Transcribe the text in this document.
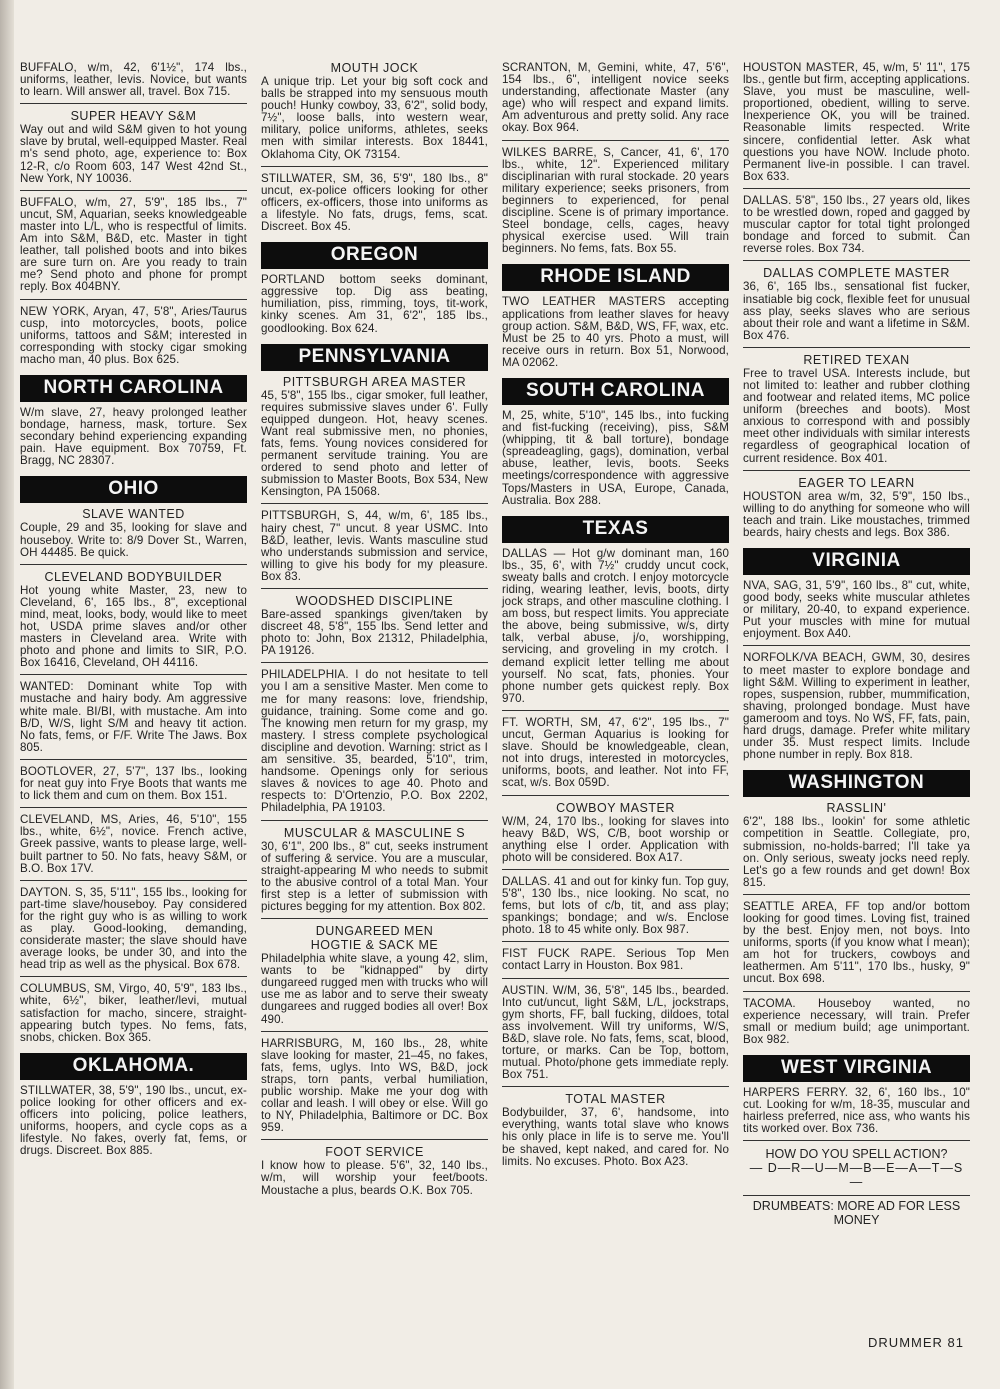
BUFFALO, w/m, 42, 6'1½", 174 lbs., uniforms, leather, levis. Novice, but wants to learn. Will answer all, travel. Box 715.
SUPER HEAVY S&M
Way out and wild S&M given to hot young slave by brutal, well-equipped Master. Real m's send photo, age, experience to: Box 12-R, c/o Room 603, 147 West 42nd St., New York, NY 10036.
BUFFALO, w/m, 27, 5'9", 185 lbs., 7" uncut, SM, Aquarian, seeks knowledgeable master into L/L, who is respectful of limits. Am into S&M, B&D, etc. Master in tight leather, tall polished boots and into bikes are sure turn on. Are you ready to train me? Send photo and phone for prompt reply. Box 404BNY.
NEW YORK, Aryan, 47, 5'8", Aries/Taurus cusp, into motorcycles, boots, police uniforms, tattoos and S&M; interested in corresponding with stocky cigar smoking macho man, 40 plus. Box 625.
NORTH CAROLINA
W/m slave, 27, heavy prolonged leather bondage, harness, mask, torture. Sex secondary behind experiencing expanding pain. Have equipment. Box 70759, Ft. Bragg, NC 28307.
OHIO
SLAVE WANTED
Couple, 29 and 35, looking for slave and houseboy. Write to: 8/9 Dover St., Warren, OH 44485. Be quick.
CLEVELAND BODYBUILDER
Hot young white Master, 23, new to Cleveland, 6', 165 lbs., 8", exceptional mind, meat, looks, body, would like to meet hot, USDA prime slaves and/or other masters in Cleveland area. Write with photo and phone and limits to SIR, P.O. Box 16416, Cleveland, OH 44116.
WANTED: Dominant white Top with mustache and hairy body. Am aggressive white male. BI/BI, with mustache. Am into B/D, W/S, light S/M and heavy tit action. No fats, fems, or F/F. Write The Jaws. Box 805.
BOOTLOVER, 27, 5'7", 137 lbs., looking for neat guy into Frye Boots that wants me to lick them and cum on them. Box 151.
CLEVELAND, MS, Aries, 46, 5'10", 155 lbs., white, 6½", novice. French active, Greek passive, wants to please large, well-built partner to 50. No fats, heavy S&M, or B.O. Box 17V.
DAYTON. S, 35, 5'11", 155 lbs., looking for part-time slave/houseboy. Pay considered for the right guy who is as willing to work as play. Good-looking, demanding, considerate master; the slave should have average looks, be under 30, and into the head trip as well as the physical. Box 678.
COLUMBUS, SM, Virgo, 40, 5'9", 183 lbs., white, 6½", biker, leather/levi, mutual satisfaction for macho, sincere, straight-appearing butch types. No fems, fats, snobs, chicken. Box 365.
OKLAHOMA.
STILLWATER, 38, 5'9", 190 lbs., uncut, ex-police looking for other officers and ex-officers into policing, police leathers, uniforms, hoopers, and cycle cops as a lifestyle. No fakes, overly fat, fems, or drugs. Discreet. Box 885.
MOUTH JOCK
A unique trip. Let your big soft cock and balls be strapped into my sensuous mouth pouch! Hunky cowboy, 33, 6'2", solid body, 7½", loose balls, into western wear, military, police uniforms, athletes, seeks men with similar interests. Box 18441, Oklahoma City, OK 73154.
STILLWATER, SM, 36, 5'9", 180 lbs., 8" uncut, ex-police officers looking for other officers, ex-officers, those into uniforms as a lifestyle. No fats, drugs, fems, scat. Discreet. Box 45.
OREGON
PORTLAND bottom seeks dominant, aggressive top. Dig ass beating, humiliation, piss, rimming, toys, tit-work, kinky scenes. Am 31, 6'2", 185 lbs., goodlooking. Box 624.
PENNSYLVANIA
PITTSBURGH AREA MASTER
45, 5'8", 155 lbs., cigar smoker, full leather, requires submissive slaves under 6'. Fully equipped dungeon. Hot, heavy scenes. Want real submissive men, no phonies, fats, fems. Young novices considered for permanent servitude training. You are ordered to send photo and letter of submission to Master Boots, Box 534, New Kensington, PA 15068.
PITTSBURGH, S, 44, w/m, 6', 185 lbs., hairy chest, 7" uncut. 8 year USMC. Into B&D, leather, levis. Wants masculine stud who understands submission and service, willing to give his body for my pleasure. Box 83.
WOODSHED DISCIPLINE
Bare-assed spankings given/taken by discreet 48, 5'8", 155 lbs. Send letter and photo to: John, Box 21312, Philadelphia, PA 19126.
PHILADELPHIA. I do not hesitate to tell you I am a sensitive Master. Men come to me for many reasons: love, friendship, guidance, training. Some come and go. The knowing men return for my grasp, my mastery. I stress complete psychological discipline and devotion. Warning: strict as I am sensitive. 35, bearded, 5'10", trim, handsome. Openings only for serious slaves & novices to age 40. Photo and respects to: D'Ortenzio, P.O. Box 2202, Philadelphia, PA 19103.
MUSCULAR & MASCULINE S
30, 6'1", 200 lbs., 8" cut, seeks instrument of suffering & service. You are a muscular, straight-appearing M who needs to submit to the abusive control of a total Man. Your first step is a letter of submission with pictures begging for my attention. Box 802.
DUNGAREED MEN
HOGTIE & SACK ME
Philadelphia white slave, a young 42, slim, wants to be "kidnapped" by dirty dungareed rugged men with trucks who will use me as labor and to serve their sweaty dungarees and rugged bodies all over! Box 490.
HARRISBURG, M, 160 lbs., 28, white slave looking for master, 21–45, no fakes, fats, fems, uglys. Into WS, B&D, jock straps, torn pants, verbal humiliation, public worship. Make me your dog with collar and leash. I will obey or else. Will go to NY, Philadelphia, Baltimore or DC. Box 959.
FOOT SERVICE
I know how to please. 5'6", 32, 140 lbs., w/m, will worship your feet/boots. Moustache a plus, beards O.K. Box 705.
SCRANTON, M, Gemini, white, 47, 5'6", 154 lbs., 6", intelligent novice seeks understanding, affectionate Master (any age) who will respect and expand limits. Am adventurous and pretty solid. Any race okay. Box 964.
WILKES BARRE, S, Cancer, 41, 6', 170 lbs., white, 12". Experienced military disciplinarian with rural stockade. 20 years military experience; seeks prisoners, from beginners to experienced, for penal discipline. Scene is of primary importance. Steel bondage, cells, cages, heavy physical exercise used. Will train beginners. No fems, fats. Box 55.
RHODE ISLAND
TWO LEATHER MASTERS accepting applications from leather slaves for heavy group action. S&M, B&D, WS, FF, wax, etc. Must be 25 to 40 yrs. Photo a must, will receive ours in return. Box 51, Norwood, MA 02062.
SOUTH CAROLINA
M, 25, white, 5'10", 145 lbs., into fucking and fist-fucking (receiving), piss, S&M (whipping, tit & ball torture), bondage (spreadeagling, gags), domination, verbal abuse, leather, levis, boots. Seeks meetings/correspondence with aggressive Tops/Masters in USA, Europe, Canada, Australia. Box 288.
TEXAS
DALLAS — Hot g/w dominant man, 160 lbs., 35, 6', with 7½" cruddy uncut cock, sweaty balls and crotch. I enjoy motorcycle riding, wearing leather, levis, boots, dirty jock straps, and other masculine clothing. I am boss, but respect limits. You appreciate the above, being submissive, w/s, dirty talk, verbal abuse, j/o, worshipping, servicing, and groveling in my crotch. I demand explicit letter telling me about yourself. No scat, fats, phonies. Your phone number gets quickest reply. Box 970.
FT. WORTH, SM, 47, 6'2", 195 lbs., 7" uncut, German Aquarius is looking for slave. Should be knowledgeable, clean, not into drugs, interested in motorcycles, uniforms, boots, and leather. Not into FF, scat, w/s. Box 059D.
COWBOY MASTER
W/M, 24, 170 lbs., looking for slaves into heavy B&D, WS, C/B, boot worship or anything else I order. Application with photo will be considered. Box A17.
DALLAS. 41 and out for kinky fun. Top guy, 5'8", 130 lbs., nice looking. No scat, no fems, but lots of c/b, tit, and ass play; spankings; bondage; and w/s. Enclose photo. 18 to 45 white only. Box 987.
FIST FUCK RAPE. Serious Top Men contact Larry in Houston. Box 981.
AUSTIN. W/M, 36, 5'8", 145 lbs., bearded. Into cut/uncut, light S&M, L/L, jockstraps, gym shorts, FF, ball fucking, dildoes, total ass involvement. Will try uniforms, W/S, B&D, slave role. No fats, fems, scat, blood, torture, or marks. Can be Top, bottom, mutual. Photo/phone gets immediate reply. Box 751.
TOTAL MASTER
Bodybuilder, 37, 6', handsome, into everything, wants total slave who knows his only place in life is to serve me. You'll be shaved, kept naked, and cared for. No limits. No excuses. Photo. Box A23.
HOUSTON MASTER, 45, w/m, 5' 11", 175 lbs., gentle but firm, accepting applications. Slave, you must be masculine, well-proportioned, obedient, willing to serve. Inexperience OK, you will be trained. Reasonable limits respected. Write sincere, confidential letter. Ask what questions you have NOW. Include photo. Permanent live-in possible. I can travel. Box 633.
DALLAS. 5'8", 150 lbs., 27 years old, likes to be wrestled down, roped and gagged by muscular captor for total tight prolonged bondage and forced to submit. Can reverse roles. Box 734.
DALLAS COMPLETE MASTER
36, 6', 165 lbs., sensational fist fucker, insatiable big cock, flexible feet for unusual ass play, seeks slaves who are serious about their role and want a lifetime in S&M. Box 476.
RETIRED TEXAN
Free to travel USA. Interests include, but not limited to: leather and rubber clothing and footwear and related items, MC police uniform (breeches and boots). Most anxious to correspond with and possibly meet other individuals with similar interests regardless of geographical location of current residence. Box 401.
EAGER TO LEARN
HOUSTON area w/m, 32, 5'9", 150 lbs., willing to do anything for someone who will teach and train. Like moustaches, trimmed beards, hairy chests and legs. Box 386.
VIRGINIA
NVA, SAG, 31, 5'9", 160 lbs., 8" cut, white, good body, seeks white muscular athletes or military, 20-40, to expand experience. Put your muscles with mine for mutual enjoyment. Box A40.
NORFOLK/VA BEACH, GWM, 30, desires to meet master to explore bondage and light S&M. Willing to experiment in leather, ropes, suspension, rubber, mummification, shaving, prolonged bondage. Must have gameroom and toys. No WS, FF, fats, pain, hard drugs, damage. Prefer white military under 35. Must respect limits. Include phone number in reply. Box 818.
WASHINGTON
RASSLIN'
6'2", 188 lbs., lookin' for some athletic competition in Seattle. Collegiate, pro, submission, no-holds-barred; I'll take ya on. Only serious, sweaty jocks need reply. Let's go a few rounds and get down! Box 815.
SEATTLE AREA, FF top and/or bottom looking for good times. Loving fist, trained by the best. Enjoy men, not boys. Into uniforms, sports (if you know what I mean); am hot for truckers, cowboys and leathermen. Am 5'11", 170 lbs., husky, 9" uncut. Box 698.
TACOMA. Houseboy wanted, no experience necessary, will train. Prefer small or medium build; age unimportant. Box 982.
WEST VIRGINIA
HARPERS FERRY. 32, 6', 160 lbs., 10" cut. Looking for w/m, 18-35, muscular and hairless preferred, nice ass, who wants his tits worked over. Box 736.
HOW DO YOU SPELL ACTION?
— D—R—U—M—B—E—A—T—S —
DRUMBEATS: MORE AD FOR LESS MONEY
DRUMMER 81
